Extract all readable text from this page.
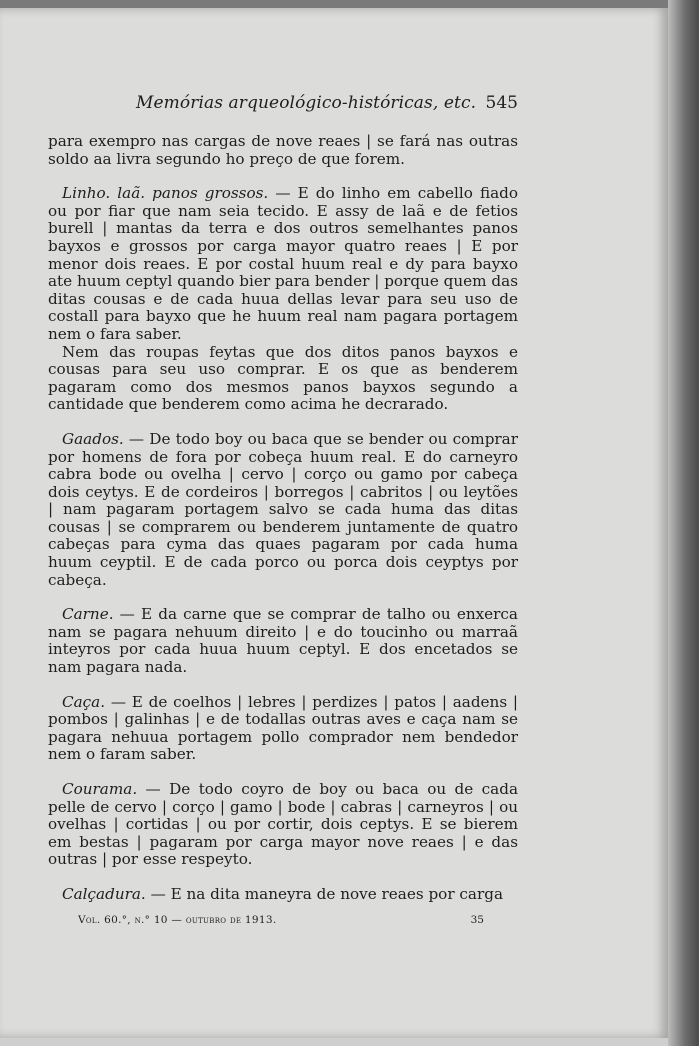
Memórias arqueológico-históricas, etc. 545

para exempro nas cargas de nove reaes | se fará nas outras soldo aa livra segundo ho preço de que forem.

Linho. laã. panos grossos. — E do linho em cabello fiado ou por fiar que nam seia tecido. E assy de laã e de fetios burell | mantas da terra e dos outros semelhantes panos bayxos e grossos por carga mayor quatro reaes | E por menor dois reaes. E por costal huum real e dy para bayxo ate huum ceptyl quando bier para bender | porque quem das ditas cousas e de cada huua dellas levar para seu uso de costall para bayxo que he huum real nam pagara portagem nem o fara saber.

Nem das roupas feytas que dos ditos panos bayxos e cousas para seu uso comprar. E os que as benderem pagaram como dos mesmos panos bayxos segundo a cantidade que benderem como acima he decrarado.

Gaados. — De todo boy ou baca que se bender ou comprar por homens de fora por cobeça huum real. E do carneyro cabra bode ou ovelha | cervo | corço ou gamo por cabeça dois ceytys. E de cordeiros | borregos | cabritos | ou leytões | nam pagaram portagem salvo se cada huma das ditas cousas | se comprarem ou benderem juntamente de quatro cabeças para cyma das quaes pagaram por cada huma huum ceyptil. E de cada porco ou porca dois ceyptys por cabeça.

Carne. — E da carne que se comprar de talho ou enxerca nam se pagara nehuum direito | e do toucinho ou marraã inteyros por cada huua huum ceptyl. E dos encetados se nam pagara nada.

Caça. — E de coelhos | lebres | perdizes | patos | aadens | pombos | galinhas | e de todallas outras aves e caça nam se pagara nehuua portagem pollo comprador nem bendedor nem o faram saber.

Courama. — De todo coyro de boy ou baca ou de cada pelle de cervo | corço | gamo | bode | cabras | carneyros | ou ovelhas | cortidas | ou por cortir, dois ceptys. E se bierem em bestas | pagaram por carga mayor nove reaes | e das outras | por esse respeyto.

Calçadura. — E na dita maneyra de nove reaes por carga

Vol. 60.°, n.° 10 — outubro de 1913.	35
